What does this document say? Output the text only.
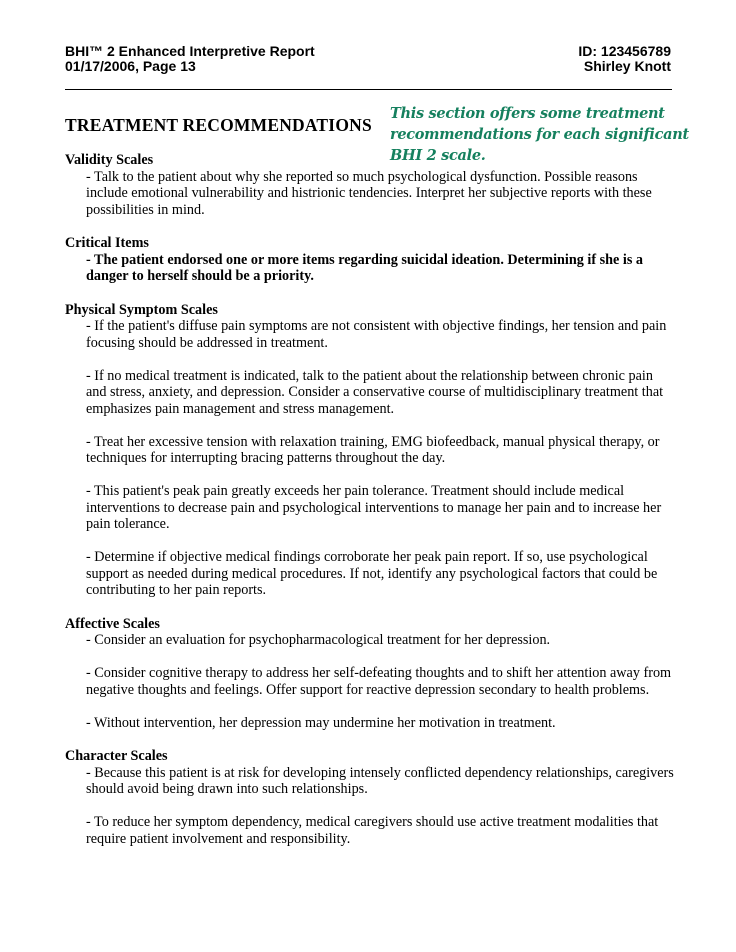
BHI™ 2 Enhanced Interpretive Report
01/17/2006, Page 13
ID: 123456789
Shirley Knott
TREATMENT RECOMMENDATIONS
This section offers some treatment
recommendations for each significant
BHI 2 scale.
Validity Scales
- Talk to the patient about why she reported so much psychological dysfunction. Possible reasons include emotional vulnerability and histrionic tendencies. Interpret her subjective reports with these possibilities in mind.
Critical Items
- The patient endorsed one or more items regarding suicidal ideation. Determining if she is a danger to herself should be a priority.
Physical Symptom Scales
- If the patient's diffuse pain symptoms are not consistent with objective findings, her tension and pain focusing should be addressed in treatment.
- If no medical treatment is indicated, talk to the patient about the relationship between chronic pain and stress, anxiety, and depression. Consider a conservative course of multidisciplinary treatment that emphasizes pain management and stress management.
- Treat her excessive tension with relaxation training, EMG biofeedback, manual physical therapy, or techniques for interrupting bracing patterns throughout the day.
- This patient's peak pain greatly exceeds her pain tolerance. Treatment should include medical interventions to decrease pain and psychological interventions to manage her pain and to increase her pain tolerance.
- Determine if objective medical findings corroborate her peak pain report. If so, use psychological support as needed during medical procedures. If not, identify any psychological factors that could be contributing to her pain reports.
Affective Scales
- Consider an evaluation for psychopharmacological treatment for her depression.
- Consider cognitive therapy to address her self-defeating thoughts and to shift her attention away from negative thoughts and feelings. Offer support for reactive depression secondary to health problems.
- Without intervention, her depression may undermine her motivation in treatment.
Character Scales
- Because this patient is at risk for developing intensely conflicted dependency relationships, caregivers should avoid being drawn into such relationships.
- To reduce her symptom dependency, medical caregivers should use active treatment modalities that require patient involvement and responsibility.
